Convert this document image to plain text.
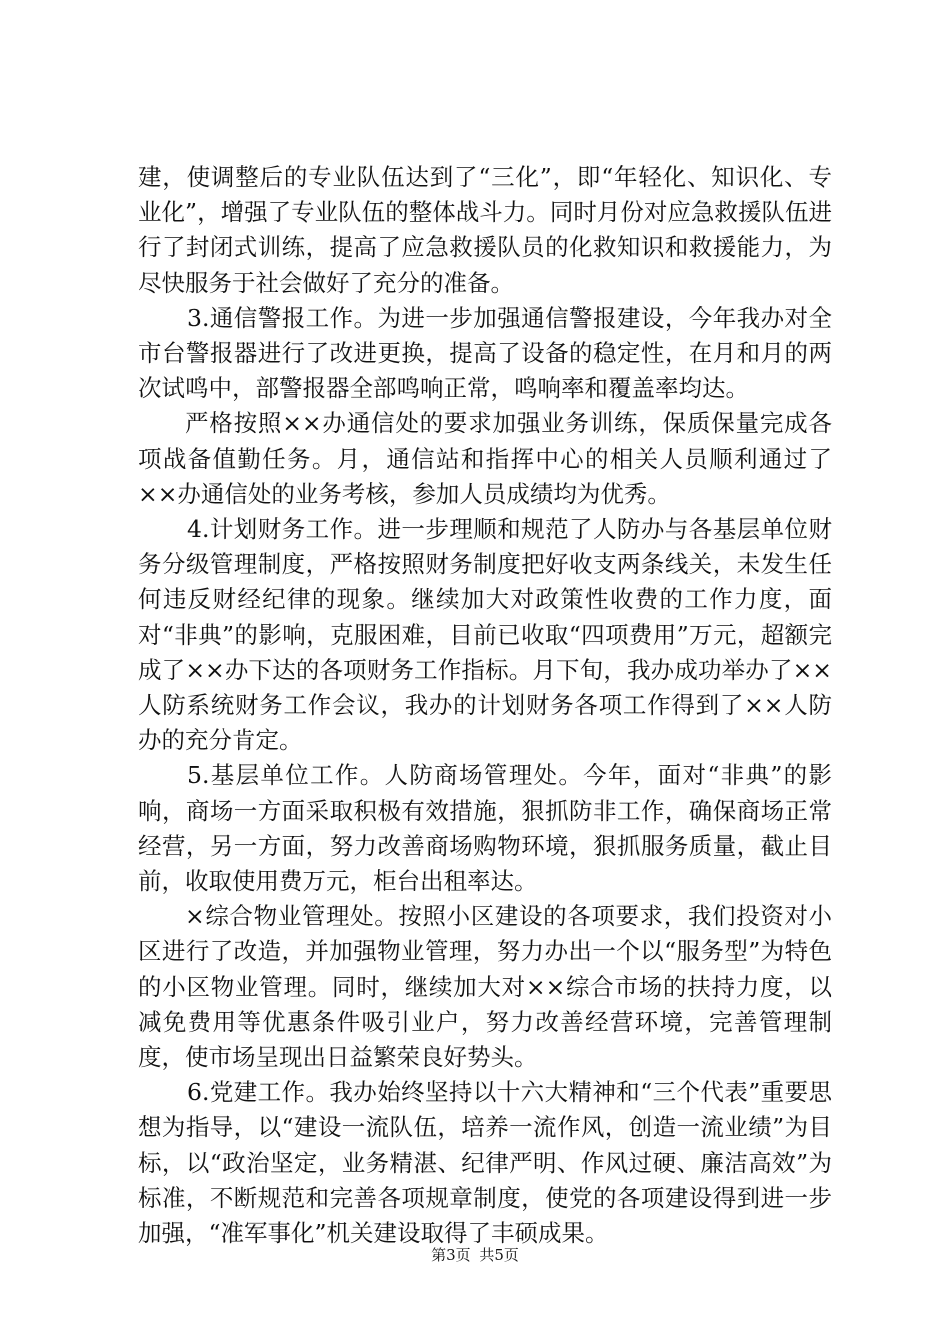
建，使调整后的专业队伍达到了“三化”，即“年轻化、知识化、专业化”，增强了专业队伍的整体战斗力。同时月份对应急救援队伍进行了封闭式训练，提高了应急救援队员的化救知识和救援能力，为尽快服务于社会做好了充分的准备。

3.通信警报工作。为进一步加强通信警报建设，今年我办对全市台警报器进行了改进更换，提高了设备的稳定性，在月和月的两次试鸣中，部警报器全部鸣响正常，鸣响率和覆盖率均达。

严格按照××办通信处的要求加强业务训练，保质保量完成各项战备值勤任务。月，通信站和指挥中心的相关人员顺利通过了××办通信处的业务考核，参加人员成绩均为优秀。

4.计划财务工作。进一步理顺和规范了人防办与各基层单位财务分级管理制度，严格按照财务制度把好收支两条线关，未发生任何违反财经纪律的现象。继续加大对政策性收费的工作力度，面对“非典”的影响，克服困难，目前已收取“四项费用”万元，超额完成了××办下达的各项财务工作指标。月下旬，我办成功举办了××人防系统财务工作会议，我办的计划财务各项工作得到了××人防办的充分肯定。

5.基层单位工作。人防商场管理处。今年，面对“非典”的影响，商场一方面采取积极有效措施，狠抓防非工作，确保商场正常经营，另一方面，努力改善商场购物环境，狠抓服务质量，截止目前，收取使用费万元，柜台出租率达。

×综合物业管理处。按照小区建设的各项要求，我们投资对小区进行了改造，并加强物业管理，努力办出一个以“服务型”为特色的小区物业管理。同时，继续加大对××综合市场的扶持力度，以减免费用等优惠条件吸引业户，努力改善经营环境，完善管理制度，使市场呈现出日益繁荣良好势头。

6.党建工作。我办始终坚持以十六大精神和“三个代表”重要思想为指导，以“建设一流队伍，培养一流作风，创造一流业绩”为目标，以“政治坚定，业务精湛、纪律严明、作风过硬、廉洁高效”为标准，不断规范和完善各项规章制度，使党的各项建设得到进一步加强，“准军事化”机关建设取得了丰硕成果。

第3页 共5页
